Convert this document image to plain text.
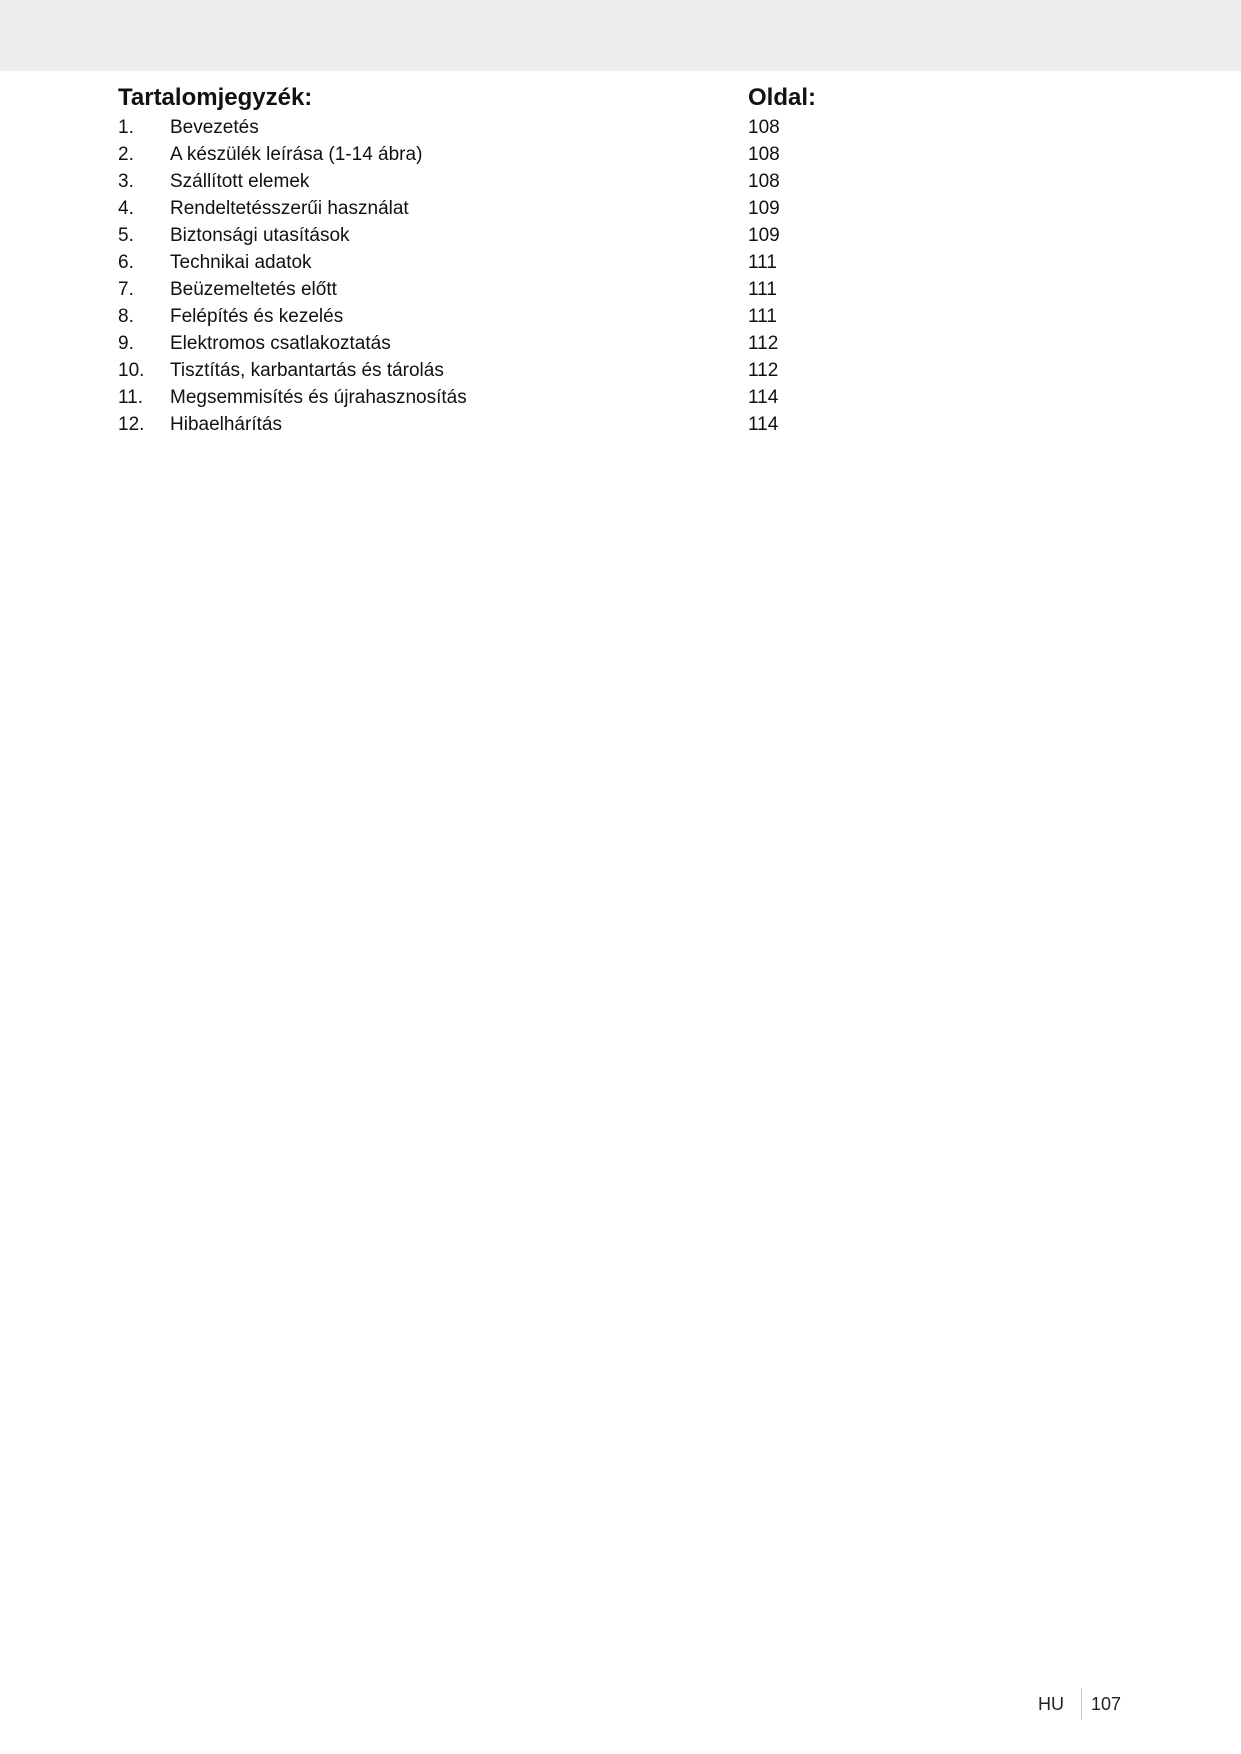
Tartalomjegyzék:	Oldal:
1. Bevezetés	108
2. A készülék leírása (1-14 ábra)	108
3. Szállított elemek	108
4. Rendeltetésszerűi használat	109
5. Biztonsági utasítások	109
6. Technikai adatok	111
7. Beüzemeltetés előtt	111
8. Felépítés és kezelés	111
9. Elektromos csatlakoztatás	112
10. Tisztítás, karbantartás és tárolás	112
11. Megsemmisítés és újrahasznosítás	114
12. Hibaelhárítás	114
HU 107
